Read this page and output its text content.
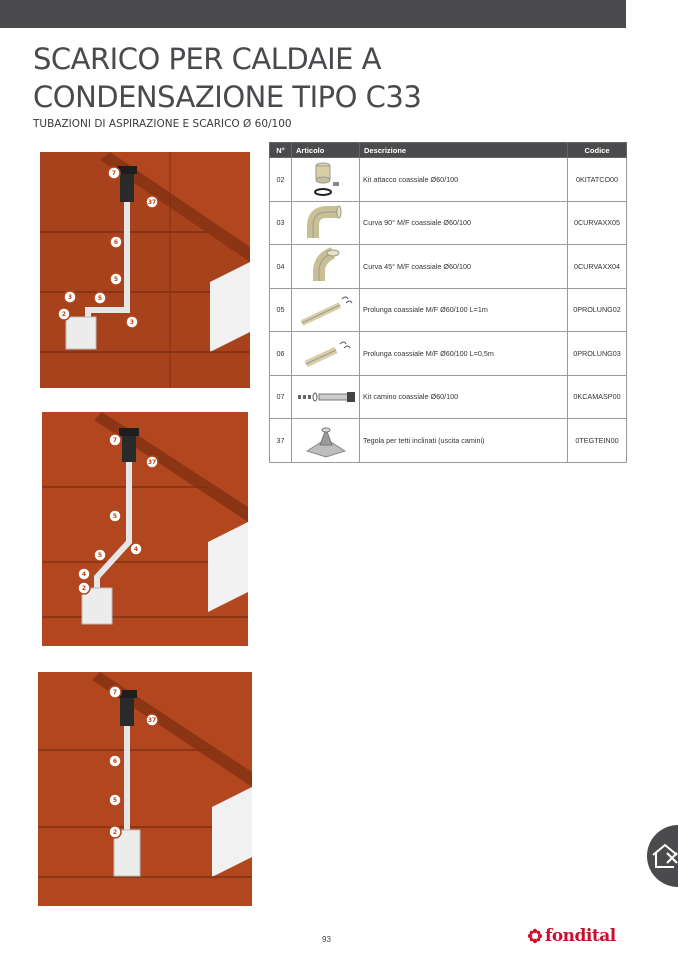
SCARICO PER CALDAIE A CONDENSAZIONE TIPO C33
TUBAZIONI DI ASPIRAZIONE E SCARICO Ø 60/100
7
37
6
5
5
3
3
2
7
37
5
4
5
4
2
7
37
6
5
2
N°	Articolo	Descrizione	Codice
02		Kit attacco coassiale Ø60/100	0KITATCO00
03		Curva 90° M/F coassiale Ø60/100	0CURVAXX05
04		Curva 45° M/F coassiale Ø60/100	0CURVAXX04
05		Prolunga coassiale M/F Ø60/100 L=1m	0PROLUNG02
06		Prolunga coassiale M/F Ø60/100 L=0,5m	0PROLUNG03
07		Kit camino coassiale Ø60/100	0KCAMASP00
37		Tegola per tetti inclinati (uscita camini)	0TEGTEIN00
93	fondital
